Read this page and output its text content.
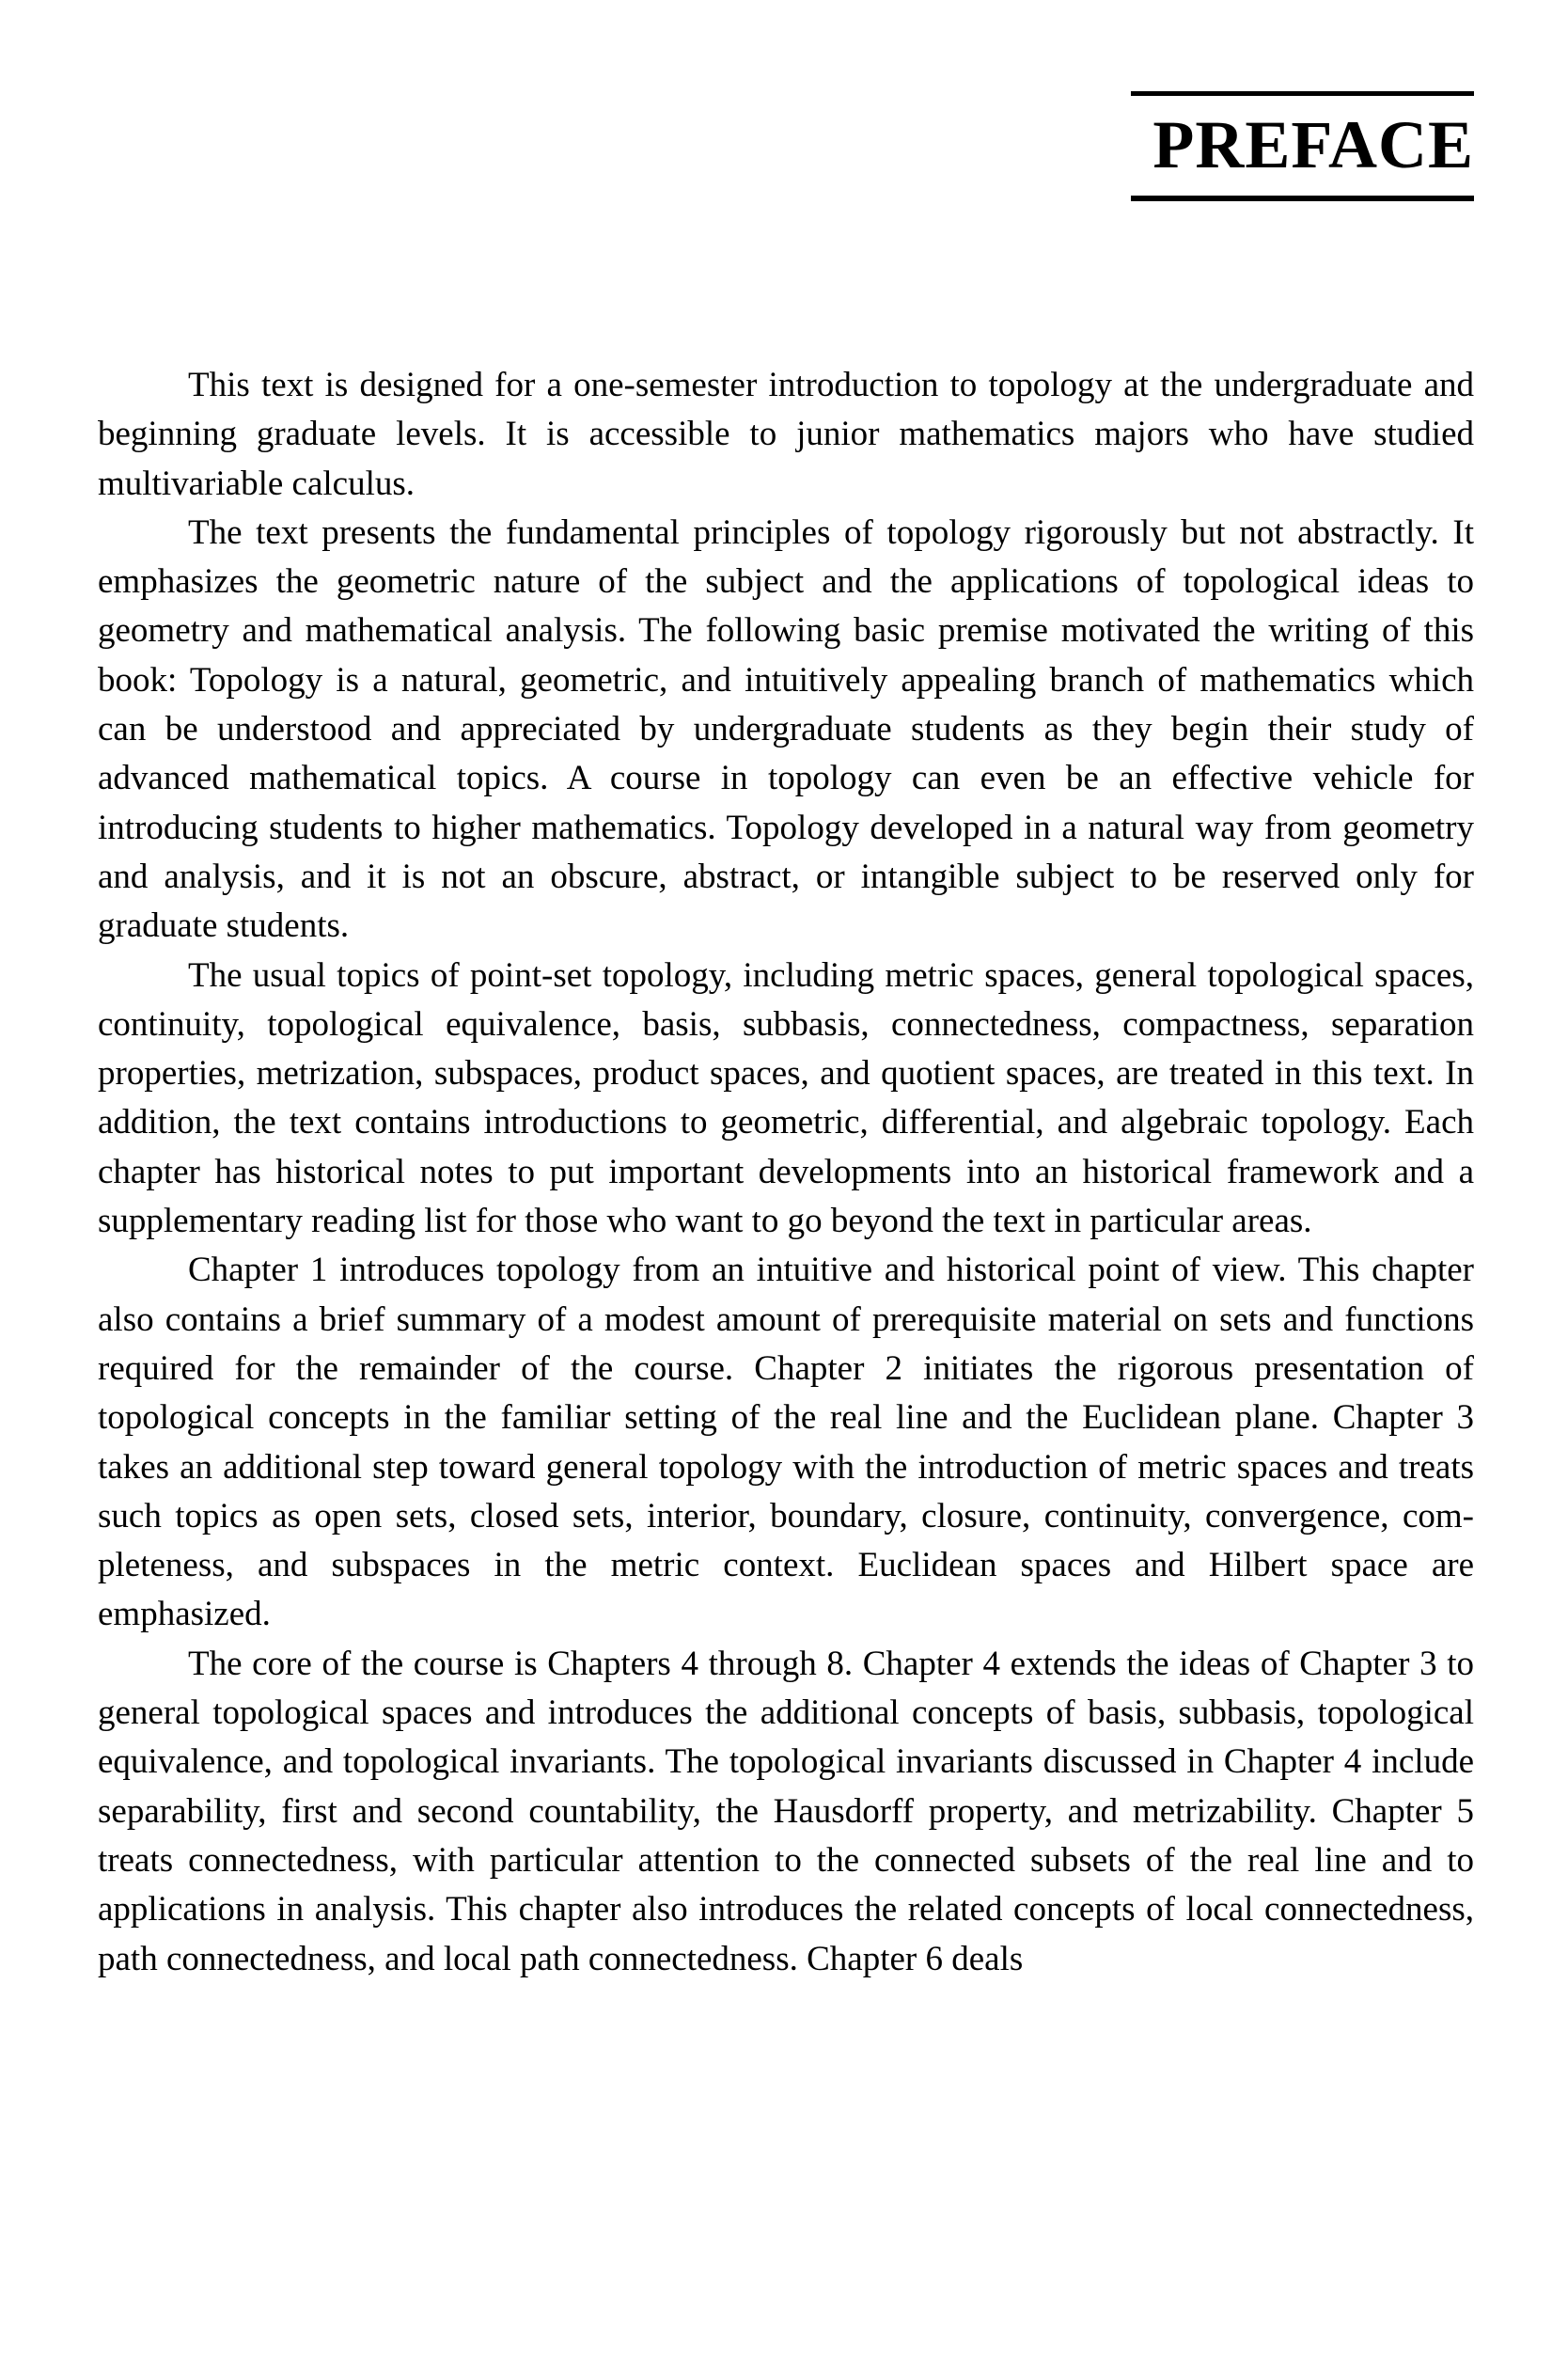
PREFACE

This text is designed for a one-semester introduction to topology at the undergraduate and beginning graduate levels. It is accessible to junior mathematics majors who have studied multivariable calculus.

The text presents the fundamental principles of topology rigorously but not abstractly. It emphasizes the geometric nature of the subject and the applications of topological ideas to geometry and mathematical analysis. The following basic premise motivated the writing of this book: Topology is a natural, geometric, and intuitively appealing branch of mathematics which can be understood and appreciated by undergraduate students as they begin their study of advanced mathematical topics. A course in topology can even be an effective vehicle for introducing students to higher mathematics. Topology developed in a natural way from geometry and analysis, and it is not an obscure, abstract, or intangible subject to be reserved only for graduate students.

The usual topics of point-set topology, including metric spaces, general topological spaces, continuity, topological equivalence, basis, subbasis, connectedness, compactness, separation properties, metrization, subspaces, product spaces, and quotient spaces, are treated in this text. In addition, the text contains introductions to geometric, differential, and algebraic topology. Each chapter has historical notes to put important developments into an historical framework and a supplementary reading list for those who want to go beyond the text in particular areas.

Chapter 1 introduces topology from an intuitive and historical point of view. This chapter also contains a brief summary of a modest amount of prerequisite material on sets and functions required for the remainder of the course. Chapter 2 initiates the rigorous presentation of topological concepts in the familiar setting of the real line and the Euclidean plane. Chapter 3 takes an additional step toward general topology with the introduction of metric spaces and treats such topics as open sets, closed sets, interior, boundary, closure, continuity, convergence, completeness, and subspaces in the metric context. Euclidean spaces and Hilbert space are emphasized.

The core of the course is Chapters 4 through 8. Chapter 4 extends the ideas of Chapter 3 to general topological spaces and introduces the additional concepts of basis, subbasis, topological equivalence, and topological invariants. The topological invariants discussed in Chapter 4 include separability, first and second countability, the Hausdorff property, and metrizability. Chapter 5 treats connectedness, with particular attention to the connected subsets of the real line and to applications in analysis. This chapter also introduces the related concepts of local connectedness, path connectedness, and local path connectedness. Chapter 6 deals
